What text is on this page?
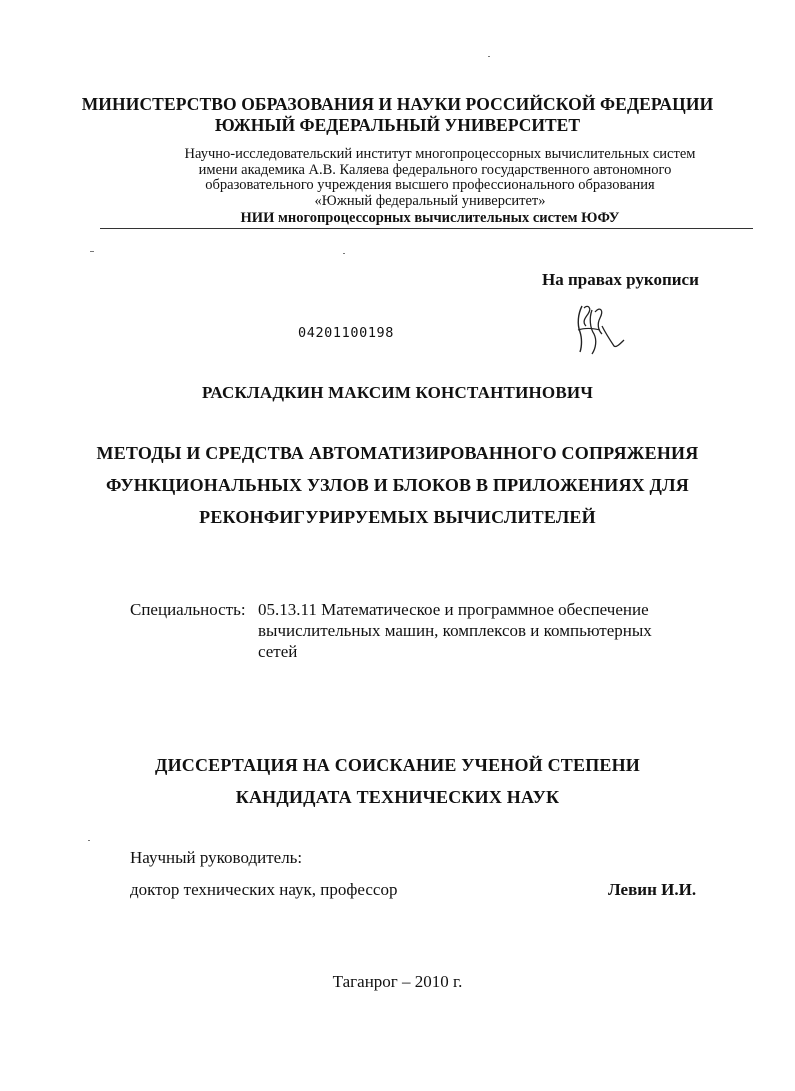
МИНИСТЕРСТВО ОБРАЗОВАНИЯ И НАУКИ РОССИЙСКОЙ ФЕДЕРАЦИИ

ЮЖНЫЙ ФЕДЕРАЛЬНЫЙ УНИВЕРСИТЕТ

Научно-исследовательский институт многопроцессорных вычислительных систем

имени академика А.В. Каляева федерального государственного автономного

образовательного учреждения высшего профессионального образования

«Южный федеральный университет»

НИИ многопроцессорных вычислительных систем ЮФУ

На правах рукописи

04201100198

РАСКЛАДКИН МАКСИМ КОНСТАНТИНОВИЧ

МЕТОДЫ И СРЕДСТВА АВТОМАТИЗИРОВАННОГО СОПРЯЖЕНИЯ

ФУНКЦИОНАЛЬНЫХ УЗЛОВ И БЛОКОВ В ПРИЛОЖЕНИЯХ ДЛЯ

РЕКОНФИГУРИРУЕМЫХ ВЫЧИСЛИТЕЛЕЙ

Специальность: 05.13.11 Математическое и программное обеспечение

вычислительных машин, комплексов и компьютерных

сетей

ДИССЕРТАЦИЯ НА СОИСКАНИЕ УЧЕНОЙ СТЕПЕНИ

КАНДИДАТА ТЕХНИЧЕСКИХ НАУК

Научный руководитель:

доктор технических наук, профессор	Левин И.И.

Таганрог – 2010 г.
